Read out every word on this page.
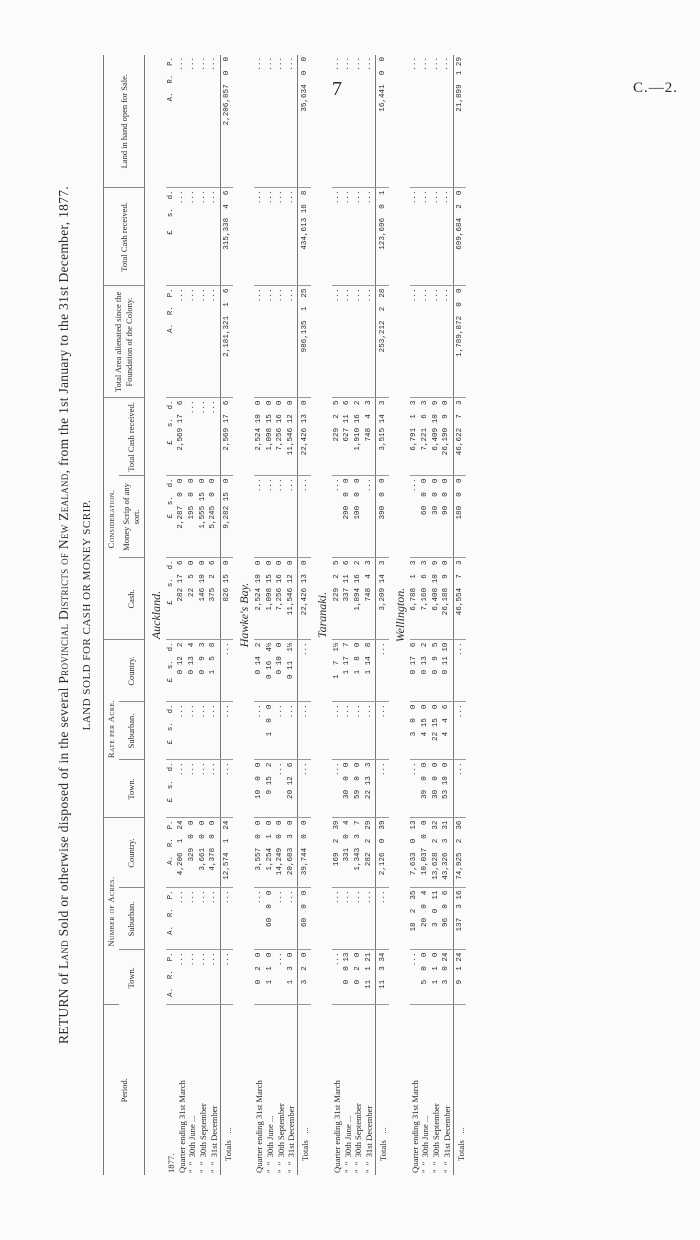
7	C.—2.
RETURN of Land Sold or otherwise disposed of in the several Provincial Districts of New Zealand, from the 1st January to the 31st December, 1877.
LAND SOLD FOR CASH OR MONEY SCRIP.
Period.	Number of Acres.			Rate per Acre.			Consideration.			Total Area alienated since the Foundation of the Colony.	Total Cash received.	Land in hand open for Sale.
	Town.	Suburban.	Country.	Town.	Suburban.	Country.	Cash.	Money Scrip of any sort.	Total Cash received.			
Auckland.
1877.	A.  R.  P.	A.  R.  P.	A.  R.  P.	£  s.  d.	£  s.  d.	£  s.  d.	£   s.  d.	£  s.  d.	£   s.  d.	A.  R.  P.	£   s.  d.	A.  R.  P.
Quarter ending 31st March	...	...	4,206  1  24	...	...	0 12  2	282 17  6	2,287  0  0	2,569 17  6	...	...	...
"  "  30th June ...	...	...	329  0  0	...	...	0 13  4	22  5  0	195  0  0	...	...	...	...
"  "  30th September	...	...	3,661  0  0	...	...	0  9  3	146 10  0	1,555 15  0	...	...	...	...
"  "  31st December	...	...	4,378  0  0	...	...	1  5  8	375  2  6	5,245  0  0	...	...	...	...
Totals   ...	...	...	12,574  1  24	...	...	...	826 15  0	9,282 15  0	2,569 17  6	2,181,321  1  6	315,338  4  6	2,206,857  0  0
Hawke's Bay.
Quarter ending 31st March	0  2  0	...	3,557  0  0	10  0  0	...	0 14  2	2,524 10  0	...	2,524 10  0	...	...	...
"  "  30th June ...	1  1  0	60  0  0	1,254  1  0	9 15  2	1  0  0	0 16  4½	1,098 15  0	...	1,098 15  0	...	...	...
"  "  30th September	...	...	14,249  0  0	...	...	0 10  0	7,256 16  0	...	7,256 16  0	...	...	...
"  "  31st December	1  3  0	...	20,683  3  0	20 12  6	...	0 11  1½	11,546 12  0	...	11,546 12  0	...	...	...
Totals   ...	3  2  0	60  0  0	39,744  0  0	...	...	...	22,426 13  0	...	22,426 13  0	986,135  1  25	434,613 16  8	35,634  0  0
Taranaki.
Quarter ending 31st March	...	...	169  2  39	...	...	1  7  1½	229  2  5	...	229  2  5	...	...	...
"  "  30th June ...	0  0 13	...	331  0  4	30  0  0	...	1 17  7	337 11  6	290  0  0	627 11  6	...	...	...
"  "  30th September	0  2  0	...	1,343  3  7	59  0  0	...	1  8  0	1,894 16  2	100  0  0	1,910 16  2	...	...	...
"  "  31st December	11  1 21	...	282  2  29	22 13  3	...	1 14  8	748  4  3	...	748  4  3	...	...	...
Totals   ...	11  3 34	...	2,126  0  39	...	...	...	3,209 14  3	390  0  0	3,515 14  3	253,212  2  28	123,696  0  1	16,441  0  0
Wellington.
Quarter ending 31st March	...	18  2  35	7,633  0  13	...	3  0  0	0 17  6	6,788  1  3	...	6,791  1  3	...	...	...
"  "  30th June ...	5  0  0	20  0  4	10,037  0  0	39  0  0	4 15  0	0 13  2	7,160  6  3	60  0  0	7,221  6  3	...	...	...
"  "  30th September	1  1  0	3  0  11	13,628  2  32	30  0  0	22 15  0	0  9  5	6,408 10  9	30  0  0	6,409 10  9	...	...	...
"  "  31st December	3  0 24	96  0  6	43,326  3  31	53 10  0	4  4  6	0 11 10	26,188  9  0	90  0  0	26,190  9  0	...	...	...
Totals   ...	9  1 24	137  3 16	74,925  2  36	...	...	...	46,554  7  3	180  0  0	46,622  7  3	1,789,872  0  0	699,684  2  0	21,899  1 29
